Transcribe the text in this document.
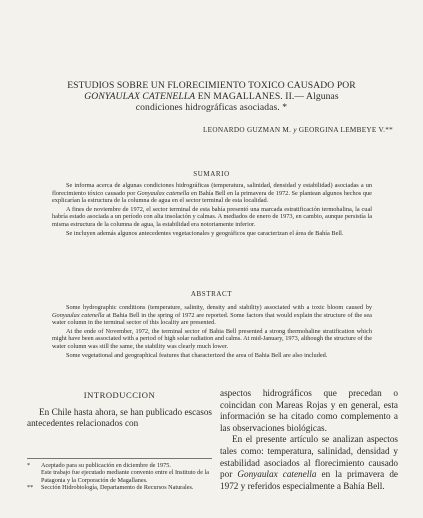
ESTUDIOS SOBRE UN FLORECIMIENTO TOXICO CAUSADO POR
GONYAULAX CATENELLA EN MAGALLANES. II.— Algunas
condiciones hidrográficas asociadas. *
LEONARDO GUZMAN M. y GEORGINA LEMBEYE V.**
SUMARIO

Se informa acerca de algunas condiciones hidrográficas (temperatura, salinidad, densidad y estabilidad) asociadas a un florecimiento tóxico causado por Gonyaulax catenella en Bahía Bell en la primavera de 1972. Se plantean algunos hechos que explicarían la estructura de la columna de agua en el sector terminal de esta localidad.

A fines de noviembre de 1972, el sector terminal de esta bahía presentó una marcada estratificación termohalina, la cual habría estado asociada a un período con alta insolación y calmas. A mediados de enero de 1973, en cambio, aunque persistía la misma estructura de la columna de agua, la estabilidad era notoriamente inferior.

Se incluyen además algunos antecedentes vegetacionales y geográficos que caracterizan el área de Bahía Bell.

ABSTRACT

Some hydrographic conditions (temperature, salinity, density and stability) associated with a toxic bloom caused by Gonyaulax catenella at Bahia Bell in the spring of 1972 are reported. Some factors that would explain the structure of the sea water column in the terminal sector of this locality are presented.

At the ende of November, 1972, the terminal sector of Bahia Bell presented a strong thermohaline stratification which might have been associated with a period of high solar radiation and calms. At mid-January, 1973, although the structure of the water column was still the same, the stability was clearly much lower.

Some vegetational and geographical features that characterized the area of Bahia Bell are also included.

INTRODUCCION

En Chile hasta ahora, se han publicado escasos antecedentes relacionados con

* Aceptado para su publicación en diciembre de 1975.
Este trabajo fue ejecutado mediante convenio entre el Instituto de la Patagonia y la Corporación de Magallanes.
** Sección Hidrobiología, Departamento de Recursos Naturales.

aspectos hidrográficos que precedan o coincidan con Mareas Rojas y en general, esta información se ha citado como complemento a las observaciones biológicas.

En el presente artículo se analizan aspectos tales como: temperatura, salinidad, densidad y estabilidad asociados al florecimiento causado por Gonyaulax catenella en la primavera de 1972 y referidos especialmente a Bahía Bell.
